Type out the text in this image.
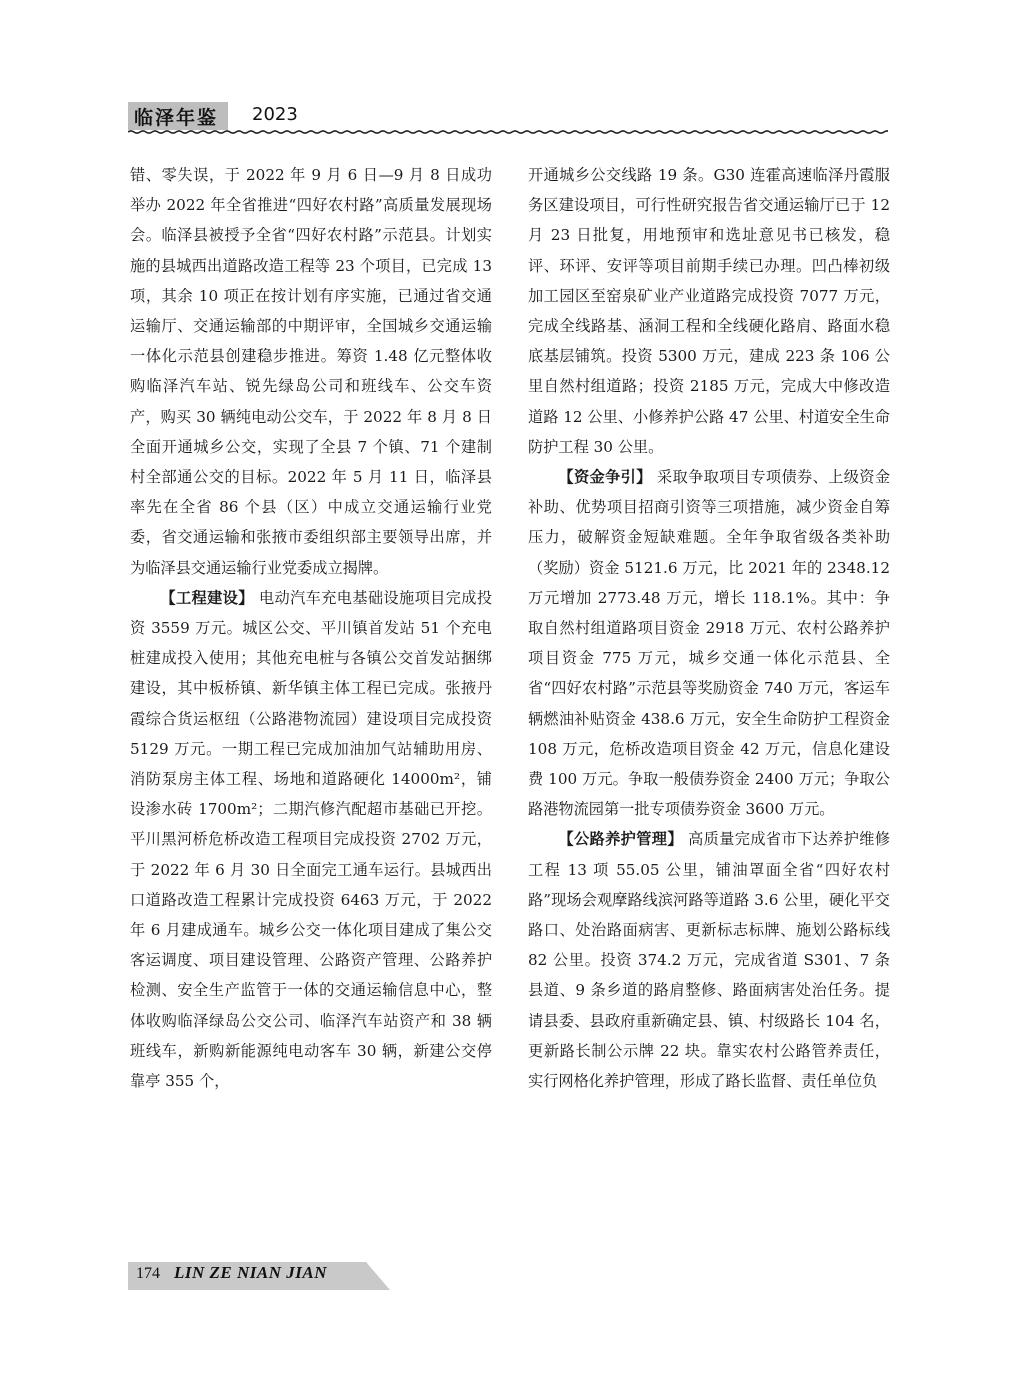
临泽年鉴	2023

错、零失误，于 2022 年 9 月 6 日—9 月 8 日成功举办 2022 年全省推进“四好农村路”高质量发展现场会。临泽县被授予全省“四好农村路”示范县。计划实施的县城西出道路改造工程等 23 个项目，已完成 13 项，其余 10 项正在按计划有序实施，已通过省交通运输厅、交通运输部的中期评审，全国城乡交通运输一体化示范县创建稳步推进。筹资 1.48 亿元整体收购临泽汽车站、锐先绿岛公司和班线车、公交车资产，购买 30 辆纯电动公交车，于 2022 年 8 月 8 日全面开通城乡公交，实现了全县 7 个镇、71 个建制村全部通公交的目标。2022 年 5 月 11 日，临泽县率先在全省 86 个县（区）中成立交通运输行业党委，省交通运输和张掖市委组织部主要领导出席，并为临泽县交通运输行业党委成立揭牌。

【工程建设】 电动汽车充电基础设施项目完成投资 3559 万元。城区公交、平川镇首发站 51 个充电桩建成投入使用；其他充电桩与各镇公交首发站捆绑建设，其中板桥镇、新华镇主体工程已完成。张掖丹霞综合货运枢纽（公路港物流园）建设项目完成投资 5129 万元。一期工程已完成加油加气站辅助用房、消防泵房主体工程、场地和道路硬化 14000m²，铺设渗水砖 1700m²；二期汽修汽配超市基础已开挖。平川黑河桥危桥改造工程项目完成投资 2702 万元，于 2022 年 6 月 30 日全面完工通车运行。县城西出口道路改造工程累计完成投资 6463 万元，于 2022 年 6 月建成通车。城乡公交一体化项目建成了集公交客运调度、项目建设管理、公路资产管理、公路养护检测、安全生产监管于一体的交通运输信息中心，整体收购临泽绿岛公交公司、临泽汽车站资产和 38 辆班线车，新购新能源纯电动客车 30 辆，新建公交停靠亭 355 个，

开通城乡公交线路 19 条。G30 连霍高速临泽丹霞服务区建设项目，可行性研究报告省交通运输厅已于 12 月 23 日批复，用地预审和选址意见书已核发，稳评、环评、安评等项目前期手续已办理。凹凸棒初级加工园区至窑泉矿业产业道路完成投资 7077 万元，完成全线路基、涵洞工程和全线硬化路肩、路面水稳底基层铺筑。投资 5300 万元，建成 223 条 106 公里自然村组道路；投资 2185 万元，完成大中修改造道路 12 公里、小修养护公路 47 公里、村道安全生命防护工程 30 公里。

【资金争引】 采取争取项目专项债券、上级资金补助、优势项目招商引资等三项措施，减少资金自筹压力，破解资金短缺难题。全年争取省级各类补助（奖励）资金 5121.6 万元，比 2021 年的 2348.12 万元增加 2773.48 万元，增长 118.1%。其中：争取自然村组道路项目资金 2918 万元、农村公路养护项目资金 775 万元，城乡交通一体化示范县、全省“四好农村路”示范县等奖励资金 740 万元，客运车辆燃油补贴资金 438.6 万元，安全生命防护工程资金 108 万元，危桥改造项目资金 42 万元，信息化建设费 100 万元。争取一般债券资金 2400 万元；争取公路港物流园第一批专项债券资金 3600 万元。

【公路养护管理】 高质量完成省市下达养护维修工程 13 项 55.05 公里，铺油罩面全省“四好农村路”现场会观摩路线滨河路等道路 3.6 公里，硬化平交路口、处治路面病害、更新标志标牌、施划公路标线 82 公里。投资 374.2 万元，完成省道 S301、7 条县道、9 条乡道的路肩整修、路面病害处治任务。提请县委、县政府重新确定县、镇、村级路长 104 名，更新路长制公示牌 22 块。靠实农村公路管养责任，实行网格化养护管理，形成了路长监督、责任单位负

174 LIN ZE NIAN JIAN
